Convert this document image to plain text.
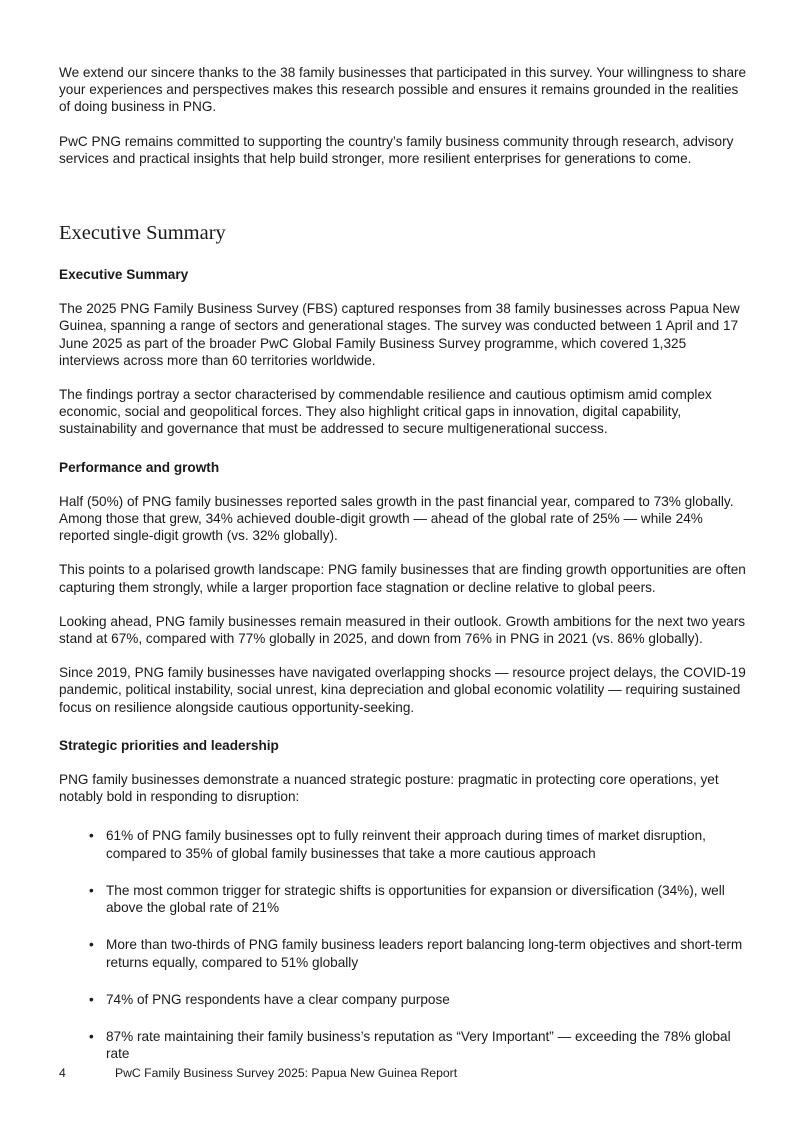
We extend our sincere thanks to the 38 family businesses that participated in this survey. Your willingness to share your experiences and perspectives makes this research possible and ensures it remains grounded in the realities of doing business in PNG.

PwC PNG remains committed to supporting the country’s family business community through research, advisory services and practical insights that help build stronger, more resilient enterprises for generations to come.

Executive Summary

Executive Summary

The 2025 PNG Family Business Survey (FBS) captured responses from 38 family businesses across Papua New Guinea, spanning a range of sectors and generational stages. The survey was conducted between 1 April and 17 June 2025 as part of the broader PwC Global Family Business Survey programme, which covered 1,325 interviews across more than 60 territories worldwide.

The findings portray a sector characterised by commendable resilience and cautious optimism amid complex economic, social and geopolitical forces. They also highlight critical gaps in innovation, digital capability, sustainability and governance that must be addressed to secure multigenerational success.

Performance and growth

Half (50%) of PNG family businesses reported sales growth in the past financial year, compared to 73% globally. Among those that grew, 34% achieved double-digit growth — ahead of the global rate of 25% — while 24% reported single-digit growth (vs. 32% globally).

This points to a polarised growth landscape: PNG family businesses that are finding growth opportunities are often capturing them strongly, while a larger proportion face stagnation or decline relative to global peers.

Looking ahead, PNG family businesses remain measured in their outlook. Growth ambitions for the next two years stand at 67%, compared with 77% globally in 2025, and down from 76% in PNG in 2021 (vs. 86% globally).

Since 2019, PNG family businesses have navigated overlapping shocks — resource project delays, the COVID-19 pandemic, political instability, social unrest, kina depreciation and global economic volatility — requiring sustained focus on resilience alongside cautious opportunity-seeking.

Strategic priorities and leadership

PNG family businesses demonstrate a nuanced strategic posture: pragmatic in protecting core operations, yet notably bold in responding to disruption:

• 61% of PNG family businesses opt to fully reinvent their approach during times of market disruption, compared to 35% of global family businesses that take a more cautious approach
• The most common trigger for strategic shifts is opportunities for expansion or diversification (34%), well above the global rate of 21%
• More than two-thirds of PNG family business leaders report balancing long-term objectives and short-term returns equally, compared to 51% globally
• 74% of PNG respondents have a clear company purpose
• 87% rate maintaining their family business’s reputation as “Very Important” — exceeding the 78% global rate
4	PwC Family Business Survey 2025: Papua New Guinea Report
